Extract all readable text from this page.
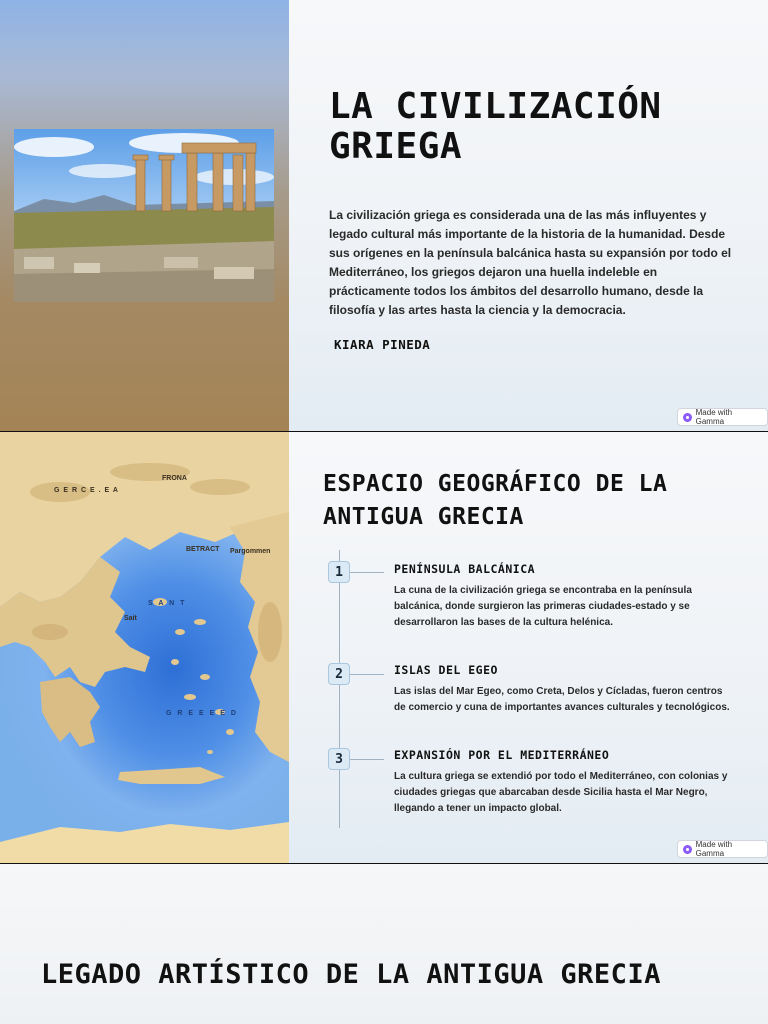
LA CIVILIZACIÓN GRIEGA
La civilización griega es considerada una de las más influyentes y legado cultural más importante de la historia de la humanidad. Desde sus orígenes en la península balcánica hasta su expansión por todo el Mediterráneo, los griegos dejaron una huella indeleble en prácticamente todos los ámbitos del desarrollo humano, desde la filosofía y las artes hasta la ciencia y la democracia.
KIARA PINEDA
Made with Gamma
G E R C E . E A
FRONA
BETRACT Pargommen
S A N T
Sait
G R E E E E D
ESPACIO GEOGRÁFICO DE LA ANTIGUA GRECIA
1	PENÍNSULA BALCÁNICA
La cuna de la civilización griega se encontraba en la península balcánica, donde surgieron las primeras ciudades-estado y se desarrollaron las bases de la cultura helénica.
2	ISLAS DEL EGEO
Las islas del Mar Egeo, como Creta, Delos y Cícladas, fueron centros de comercio y cuna de importantes avances culturales y tecnológicos.
3	EXPANSIÓN POR EL MEDITERRÁNEO
La cultura griega se extendió por todo el Mediterráneo, con colonias y ciudades griegas que abarcaban desde Sicilia hasta el Mar Negro, llegando a tener un impacto global.
Made with Gamma
LEGADO ARTÍSTICO DE LA ANTIGUA GRECIA
